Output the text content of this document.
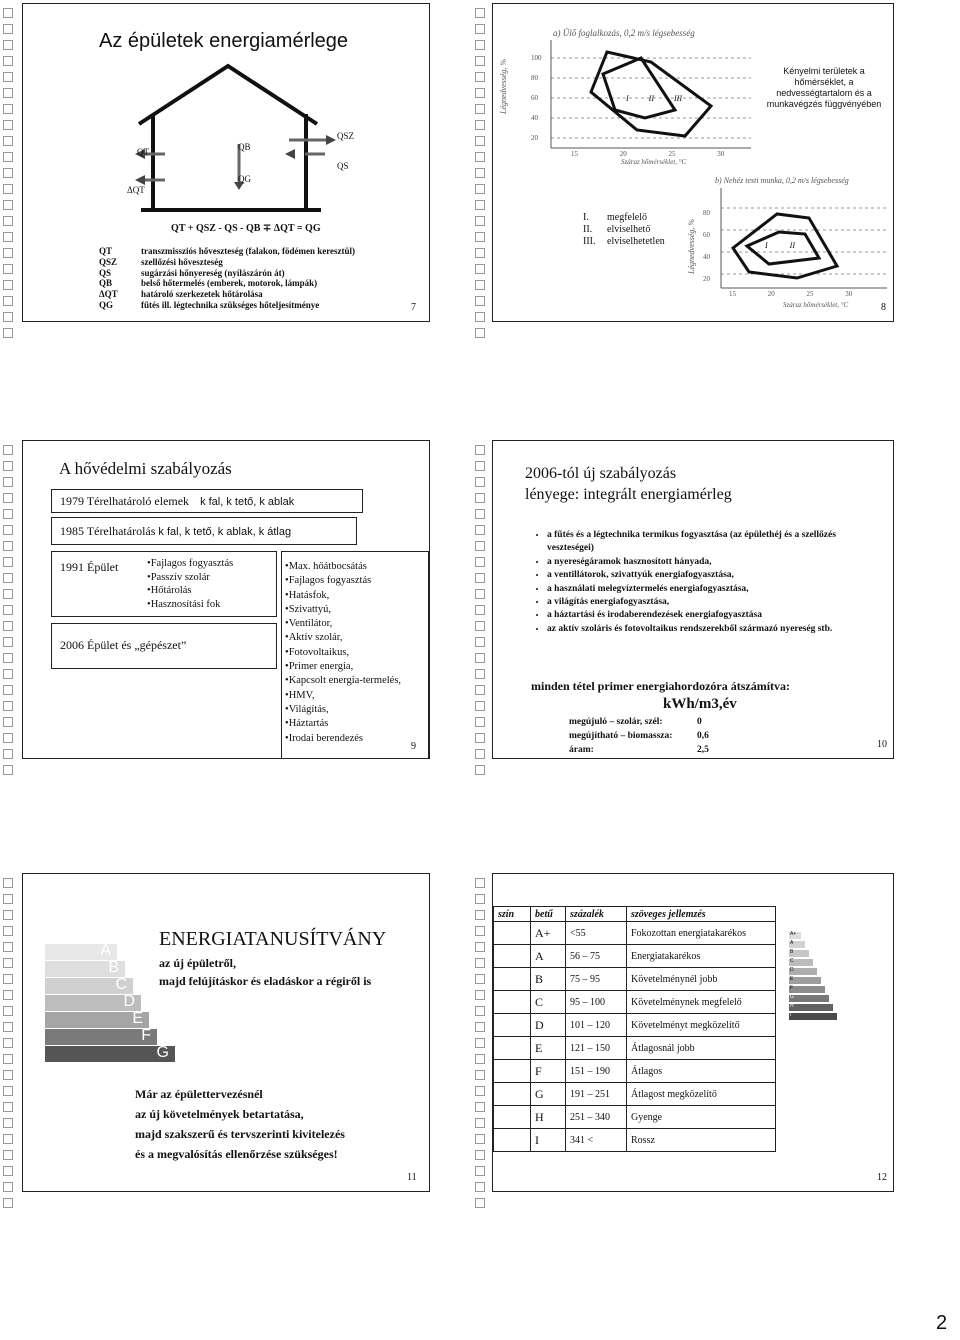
Az épületek energiamérlege
QT
ΔQT
QB
QG
QSZ
QS
QT + QSZ - QS - QB ∓ ΔQT = QG
QT	transzmissziós hőveszteség (falakon, födémen keresztül)
QSZ	szellőzési hőveszteség
QS	sugárzási hőnyereség (nyílászárón át)
QB	belső hőtermelés (emberek, motorok, lámpák)
ΔQT	határoló szerkezetek hőtárolása
QG	fűtés ill. légtechnika szükséges hőteljesítménye	7
a) Ülő foglalkozás, 0,2 m/s légsebesség
Légnedvesség, %
100
80
60
40
20
I	II	III
15	20	25	30
Száraz hőmérséklet, °C
Kényelmi területek a hőmérséklet, a nedvességtartalom és a munkavégzés függvényében
I. megfelelő
II. elviselhető
III. elviselhetetlen
b) Nehéz testi munka, 0,2 m/s légsebesség
Légnedvesség, %
80
60
40
20
I	II
15	20	25	30
Száraz hőmérséklet, °C	8
A hővédelmi szabályozás
1979 Térelhatároló elemek k fal, k tető, k ablak
1985 Térelhatárolás k fal, k tető, k ablak, k átlag
1991 Épület	• Fajlagos fogyasztás
• Passzív szolár
• Hőtárolás
• Hasznosítási fok
2006 Épület és „gépészet”
• Max. hőátbocsátás
• Fajlagos fogyasztás
• Hatásfok,
• Szivattyú,
• Ventilátor,
• Aktív szolár,
• Fotovoltaikus,
• Primer energia,
• Kapcsolt energia-termelés,
• HMV,
• Világítás,
• Háztartás
• Irodai berendezés
9
2006-tól új szabályozás
lényege: integrált energiamérleg
• a fűtés és a légtechnika termikus fogyasztása (az épülethéj és a szellőzés veszteségei)
• a nyereségáramok hasznosított hányada,
• a ventillátorok, szivattyúk energiafogyasztása,
• a használati melegvíztermelés energiafogyasztása,
• a világítás energiafogyasztása,
• a háztartási és irodaberendezések energiafogyasztása
• az aktív szoláris és fotovoltaikus rendszerekből származó nyereség stb.
minden tétel primer energiahordozóra átszámítva:
kWh/m3,év
megújuló – szolár, szél:	0
megújítható – biomassza:	0,6
áram:	2,5	10
A
B
C
D
E
F
G
ENERGIATANUSÍTVÁNY
az új épületről,
majd felújításkor és eladáskor a régiről is
Már az épülettervezésnél
az új követelmények betartatása,
majd szakszerű és tervszerinti kivitelezés
és a megvalósítás ellenőrzése szükséges!
11
szín	betű	százalék	szöveges jellemzés
	A+	<55	Fokozottan energiatakarékos
	A	56 – 75	Energiatakarékos
	B	75 – 95	Követelménynél jobb
	C	95 – 100	Követelménynek megfelelő
	D	101 – 120	Követelményt megközelítő
	E	121 – 150	Átlagosnál jobb
	F	151 – 190	Átlagos
	G	191 – 251	Átlagost megközelítő
	H	251 – 340	Gyenge
	I	341 <	Rossz
A+
A
B
C
D
E
F
G
H
I
12
2
